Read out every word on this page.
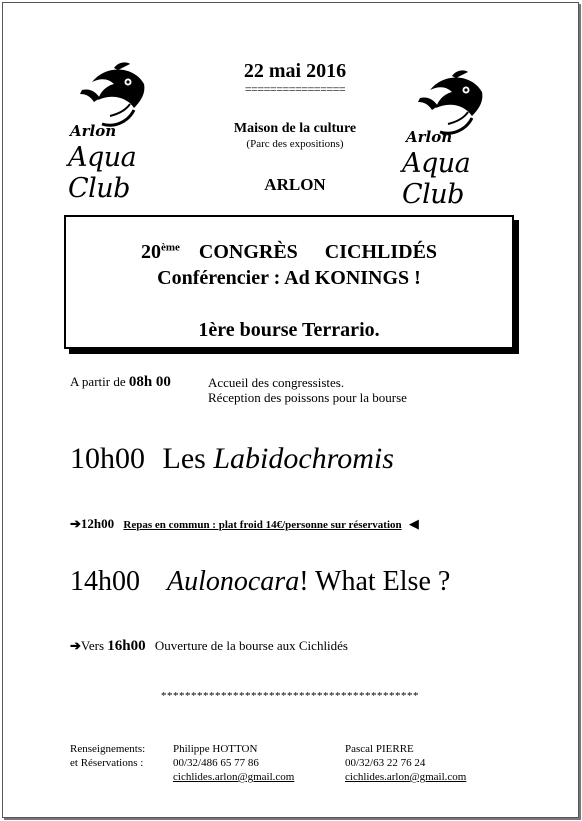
Arlon
Aqua Club
Arlon
Aqua Club
22 mai 2016
================
Maison de la culture
(Parc des expositions)
ARLON
20ème CONGRÈS CICHLIDÉS
Conférencier : Ad KONINGS !
1ère bourse Terrario.
A partir de 08h 00	Accueil des congressistes.
Réception des poissons pour la bourse
10h00 Les Labidochromis
➔12h00 Repas en commun : plat froid 14€/personne sur réservation ◀
14h00 Aulonocara! What Else ?
➔Vers 16h00 Ouverture de la bourse aux Cichlidés
*******************************************
Renseignements:
et Réservations :
Philippe HOTTON
00/32/486 65 77 86
cichlides.arlon@gmail.com
Pascal PIERRE
00/32/63 22 76 24
cichlides.arlon@gmail.com
